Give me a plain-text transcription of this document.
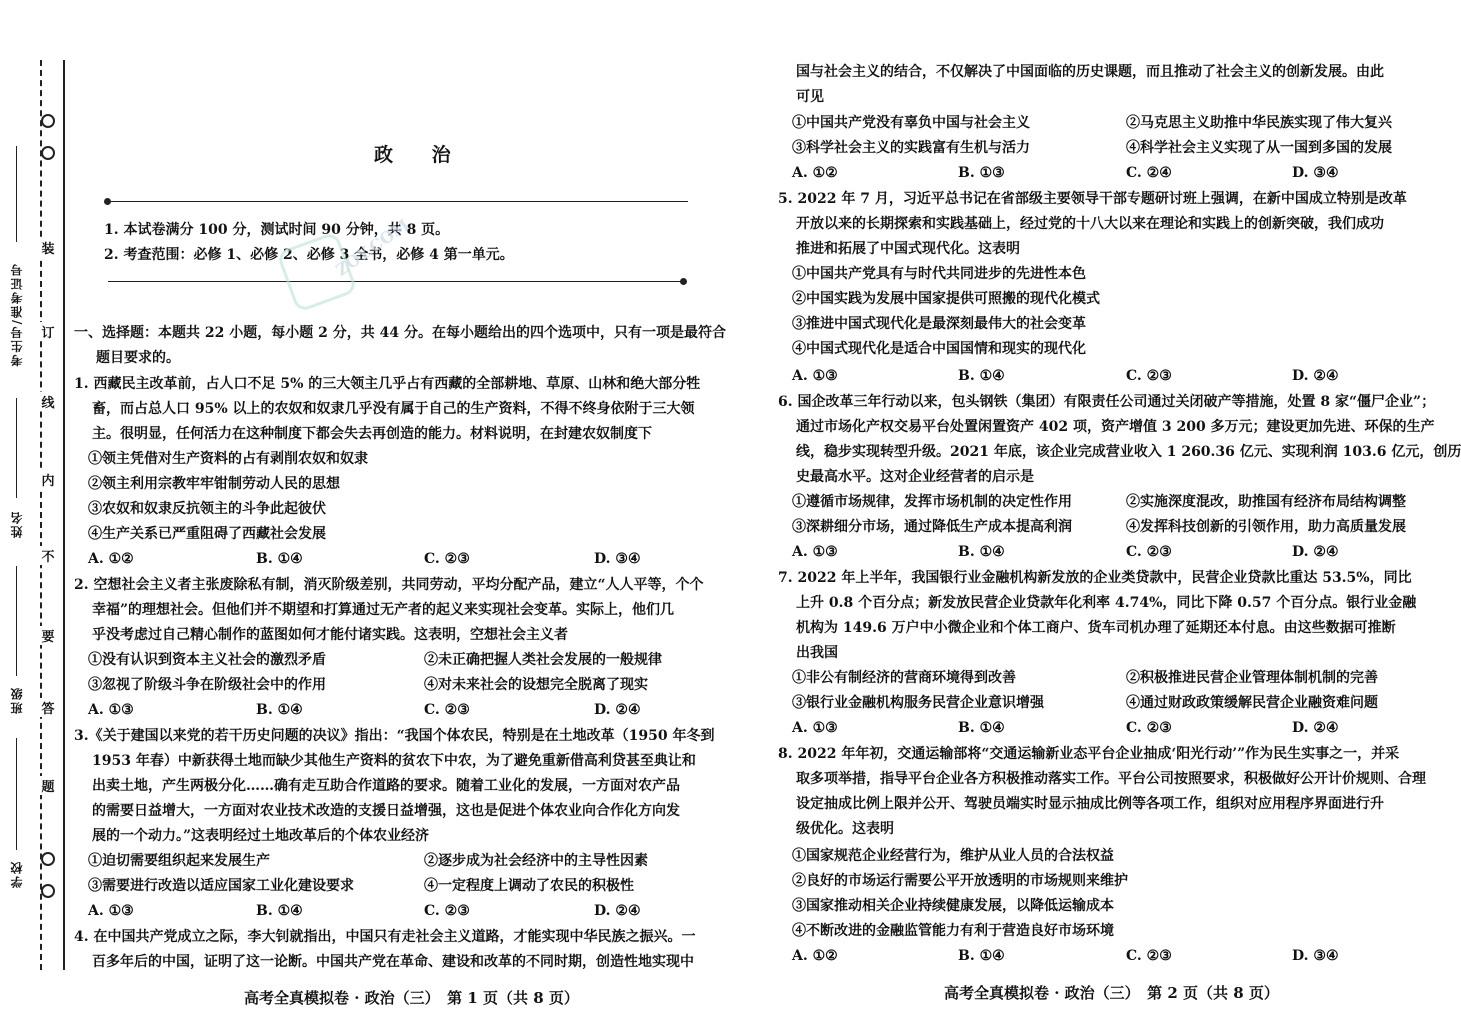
装
订
线
内
不
要
答
题
考生号/准考证号
姓名
班级
学校
政 治
1. 本试卷满分 100 分，测试时间 90 分钟，共 8 页。
2. 考查范围：必修 1、必修 2、必修 3 全书，必修 4 第一单元。
ZOY.COM
一、选择题：本题共 22 小题，每小题 2 分，共 44 分。在每小题给出的四个选项中，只有一项是最符合
题目要求的。
1. 西藏民主改革前，占人口不足 5% 的三大领主几乎占有西藏的全部耕地、草原、山林和绝大部分牲
畜，而占总人口 95% 以上的农奴和奴隶几乎没有属于自己的生产资料，不得不终身依附于三大领
主。很明显，任何活力在这种制度下都会失去再创造的能力。材料说明，在封建农奴制度下
①领主凭借对生产资料的占有剥削农奴和奴隶
②领主利用宗教牢牢钳制劳动人民的思想
③农奴和奴隶反抗领主的斗争此起彼伏
④生产关系已严重阻碍了西藏社会发展
A. ①②	B. ①④	C. ②③	D. ③④
2. 空想社会主义者主张废除私有制，消灭阶级差别，共同劳动，平均分配产品，建立“人人平等，个个
幸福”的理想社会。但他们并不期望和打算通过无产者的起义来实现社会变革。实际上，他们几
乎没考虑过自己精心制作的蓝图如何才能付诸实践。这表明，空想社会主义者
①没有认识到资本主义社会的激烈矛盾	②未正确把握人类社会发展的一般规律
③忽视了阶级斗争在阶级社会中的作用	④对未来社会的设想完全脱离了现实
A. ①③	B. ①④	C. ②③	D. ②④
3.《关于建国以来党的若干历史问题的决议》指出：“我国个体农民，特别是在土地改革（1950 年冬到
1953 年春）中新获得土地而缺少其他生产资料的贫农下中农，为了避免重新借高利贷甚至典让和
出卖土地，产生两极分化……确有走互助合作道路的要求。随着工业化的发展，一方面对农产品
的需要日益增大，一方面对农业技术改造的支援日益增强，这也是促进个体农业向合作化方向发
展的一个动力。”这表明经过土地改革后的个体农业经济
①迫切需要组织起来发展生产	②逐步成为社会经济中的主导性因素
③需要进行改造以适应国家工业化建设要求	④一定程度上调动了农民的积极性
A. ①③	B. ①④	C. ②③	D. ②④
4. 在中国共产党成立之际，李大钊就指出，中国只有走社会主义道路，才能实现中华民族之振兴。一
百多年后的中国，证明了这一论断。中国共产党在革命、建设和改革的不同时期，创造性地实现中
高考全真模拟卷 · 政治（三）　第 1 页（共 8 页）
国与社会主义的结合，不仅解决了中国面临的历史课题，而且推动了社会主义的创新发展。由此
可见
①中国共产党没有辜负中国与社会主义	②马克思主义助推中华民族实现了伟大复兴
③科学社会主义的实践富有生机与活力	④科学社会主义实现了从一国到多国的发展
A. ①②	B. ①③	C. ②④	D. ③④
5. 2022 年 7 月，习近平总书记在省部级主要领导干部专题研讨班上强调，在新中国成立特别是改革
开放以来的长期探索和实践基础上，经过党的十八大以来在理论和实践上的创新突破，我们成功
推进和拓展了中国式现代化。这表明
①中国共产党具有与时代共同进步的先进性本色
②中国实践为发展中国家提供可照搬的现代化模式
③推进中国式现代化是最深刻最伟大的社会变革
④中国式现代化是适合中国国情和现实的现代化
A. ①③	B. ①④	C. ②③	D. ②④
6. 国企改革三年行动以来，包头钢铁（集团）有限责任公司通过关闭破产等措施，处置 8 家“僵尸企业”；
通过市场化产权交易平台处置闲置资产 402 项，资产增值 3 200 多万元；建设更加先进、环保的生产
线，稳步实现转型升级。2021 年底，该企业完成营业收入 1 260.36 亿元、实现利润 103.6 亿元，创历
史最高水平。这对企业经营者的启示是
①遵循市场规律，发挥市场机制的决定性作用	②实施深度混改，助推国有经济布局结构调整
③深耕细分市场，通过降低生产成本提高利润	④发挥科技创新的引领作用，助力高质量发展
A. ①③	B. ①④	C. ②③	D. ②④
7. 2022 年上半年，我国银行业金融机构新发放的企业类贷款中，民营企业贷款比重达 53.5%，同比
上升 0.8 个百分点；新发放民营企业贷款年化利率 4.74%，同比下降 0.57 个百分点。银行业金融
机构为 149.6 万户中小微企业和个体工商户、货车司机办理了延期还本付息。由这些数据可推断
出我国
①非公有制经济的营商环境得到改善	②积极推进民营企业管理体制机制的完善
③银行业金融机构服务民营企业意识增强	④通过财政政策缓解民营企业融资难问题
A. ①③	B. ①④	C. ②③	D. ②④
8. 2022 年年初，交通运输部将“交通运输新业态平台企业抽成‘阳光行动’”作为民生实事之一，并采
取多项举措，指导平台企业各方积极推动落实工作。平台公司按照要求，积极做好公开计价规则、合理
设定抽成比例上限并公开、驾驶员端实时显示抽成比例等各项工作，组织对应用程序界面进行升
级优化。这表明
①国家规范企业经营行为，维护从业人员的合法权益
②良好的市场运行需要公平开放透明的市场规则来维护
③国家推动相关企业持续健康发展，以降低运输成本
④不断改进的金融监管能力有利于营造良好市场环境
A. ①②	B. ①④	C. ②③	D. ③④
高考全真模拟卷 · 政治（三）　第 2 页（共 8 页）
